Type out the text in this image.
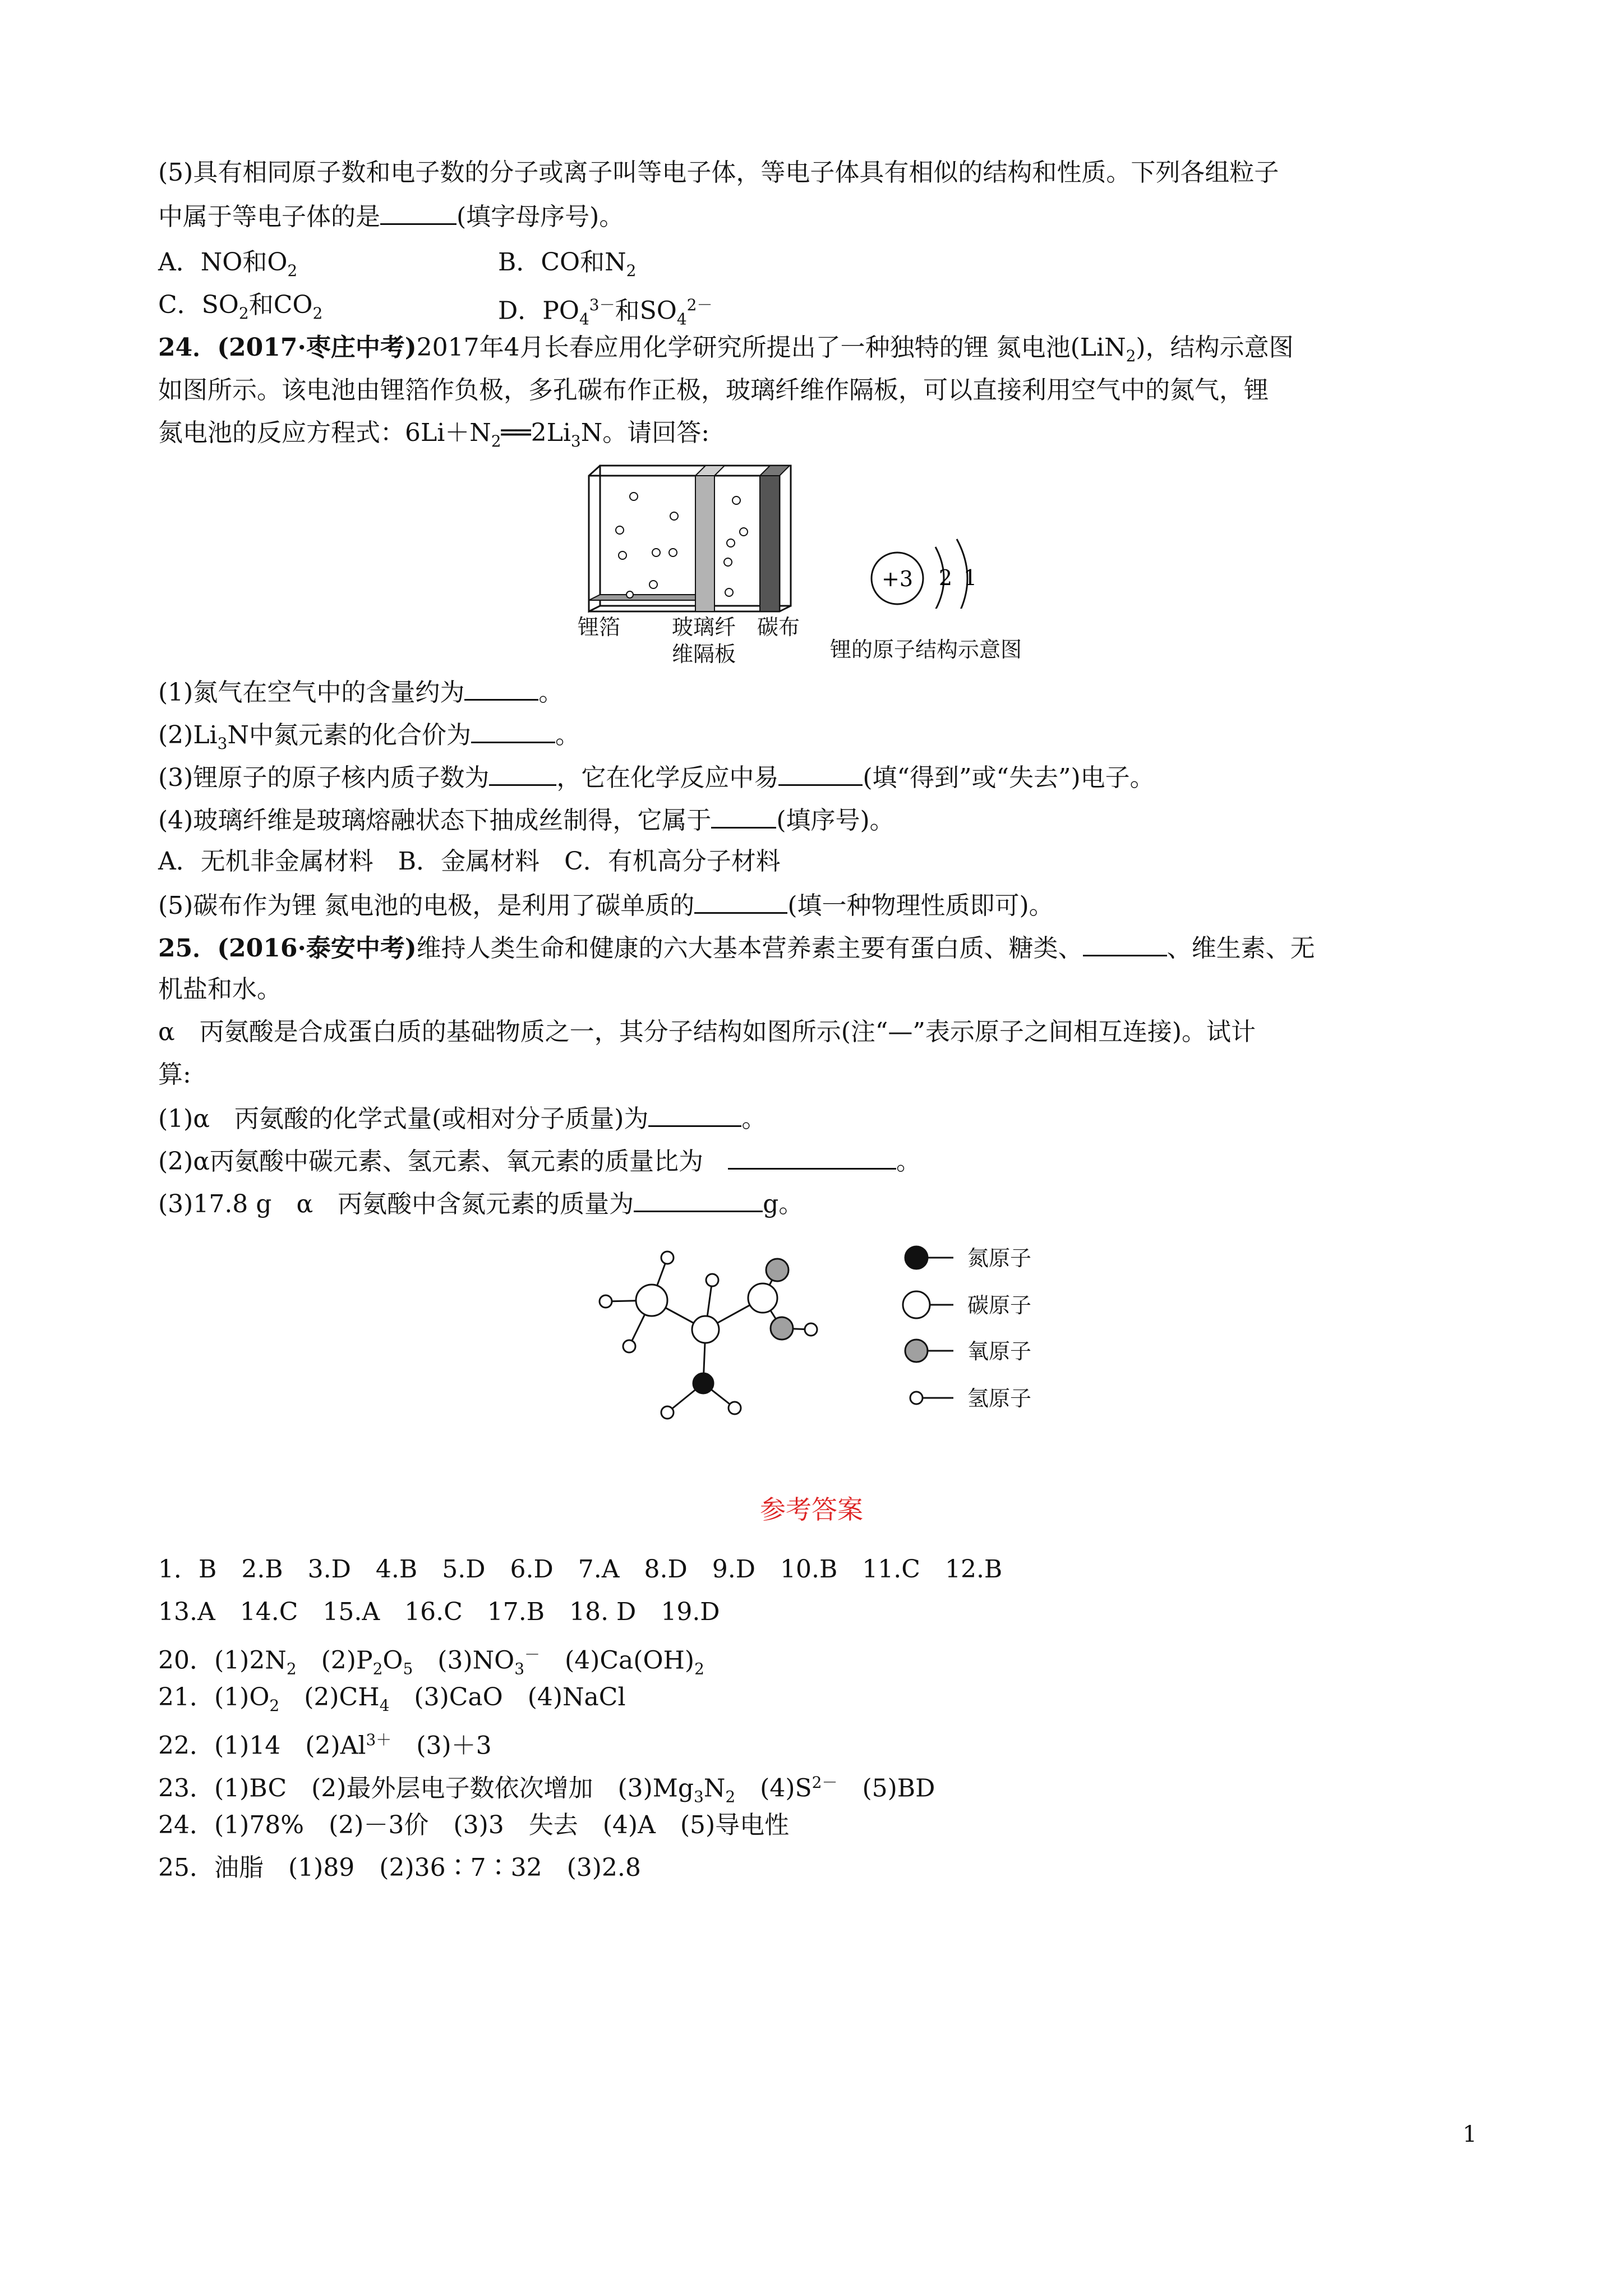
(5)具有相同原子数和电子数的分子或离子叫等电子体，等电子体具有相似的结构和性质。下列各组粒子
中属于等电子体的是	(填字母序号)。
A．NO和$O_2$	B．CO和$N_2$
C．$SO_2$和$CO_2$	D．$PO_4^{3-}$和$SO_4^{2-}$
24．(2017·枣庄中考)2017年4月长春应用化学研究所提出了一种独特的锂 氮电池(LiN$_2$)，结构示意图
如图所示。该电池由锂箔作负极，多孔碳布作正极，玻璃纤维作隔板，可以直接利用空气中的氮气，锂
氮电池的反应方程式：$6Li+N_2══2Li_3N$。请回答:
锂箔 玻璃纤
维隔板
碳布
+3 2 1
锂的原子结构示意图
(1)氮气在空气中的含量约为	。
$(2)Li_3N$中氮元素的化合价为	。
(3)锂原子的原子核内质子数为	，它在化学反应中易	(填“得到”或“失去”)电子。
(4)玻璃纤维是玻璃熔融状态下抽成丝制得，它属于	(填序号)。
A．无机非金属材料　B．金属材料　C．有机高分子材料
(5)碳布作为锂 氮电池的电极，是利用了碳单质的	(填一种物理性质即可)。
25．(2016·泰安中考)维持人类生命和健康的六大基本营养素主要有蛋白质、糖类、	、维生素、无
机盐和水。
α　丙氨酸是合成蛋白质的基础物质之一，其分子结构如图所示(注“—”表示原子之间相互连接)。试计
算:
(1)α　丙氨酸的化学式量(或相对分子质量)为	。
(2)α丙氨酸中碳元素、氢元素、氧元素的质量比为　	。
(3)17.8 g　α　丙氨酸中含氮元素的质量为	g。
氮原子
碳原子
氧原子
氢原子
参考答案
1．B　2.B　3.D　4.B　5.D　6.D　7.A　8.D　9.D　10.B　11.C　12.B
13.A　14.C　15.A　16.C　17.B　18. D　19.D
20．$(1)2N_2$　$(2)P_2O_5$　$(3)NO_3^-$　$(4)Ca(OH)_2$
21．$(1)O_2$　$(2)CH_4$　(3)CaO　(4)NaCl
22．(1)14　$(2)Al^{3+}$　(3)＋3
23．(1)BC　(2)最外层电子数依次增加　$(3)Mg_3N_2$　$(4)S^{2-}$　(5)BD
24．(1)78%　(2)－3价　(3)3　失去　(4)A　(5)导电性
25．油脂　(1)89　(2)36∶7∶32　(3)2.8
1
